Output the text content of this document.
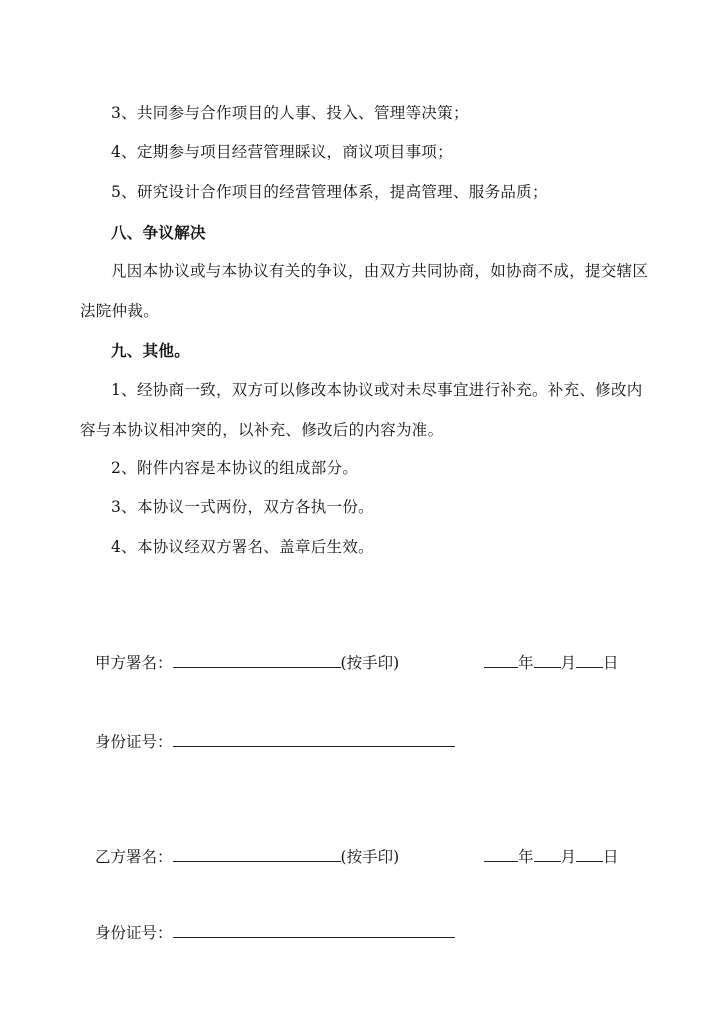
3、共同参与合作项目的人事、投入、管理等决策；
4、定期参与项目经营管理睬议，商议项目事项；
5、研究设计合作项目的经营管理体系，提高管理、服务品质；
八、争议解决
凡因本协议或与本协议有关的争议，由双方共同协商，如协商不成，提交辖区法院仲裁。
九、其他。
1、经协商一致，双方可以修改本协议或对未尽事宜进行补充。补充、修改内容与本协议相冲突的，以补充、修改后的内容为准。
2、附件内容是本协议的组成部分。
3、本协议一式两份，双方各执一份。
4、本协议经双方署名、盖章后生效。
甲方署名：	(按手印)	年 月 日
身份证号：
乙方署名：	(按手印)	年 月 日
身份证号：
